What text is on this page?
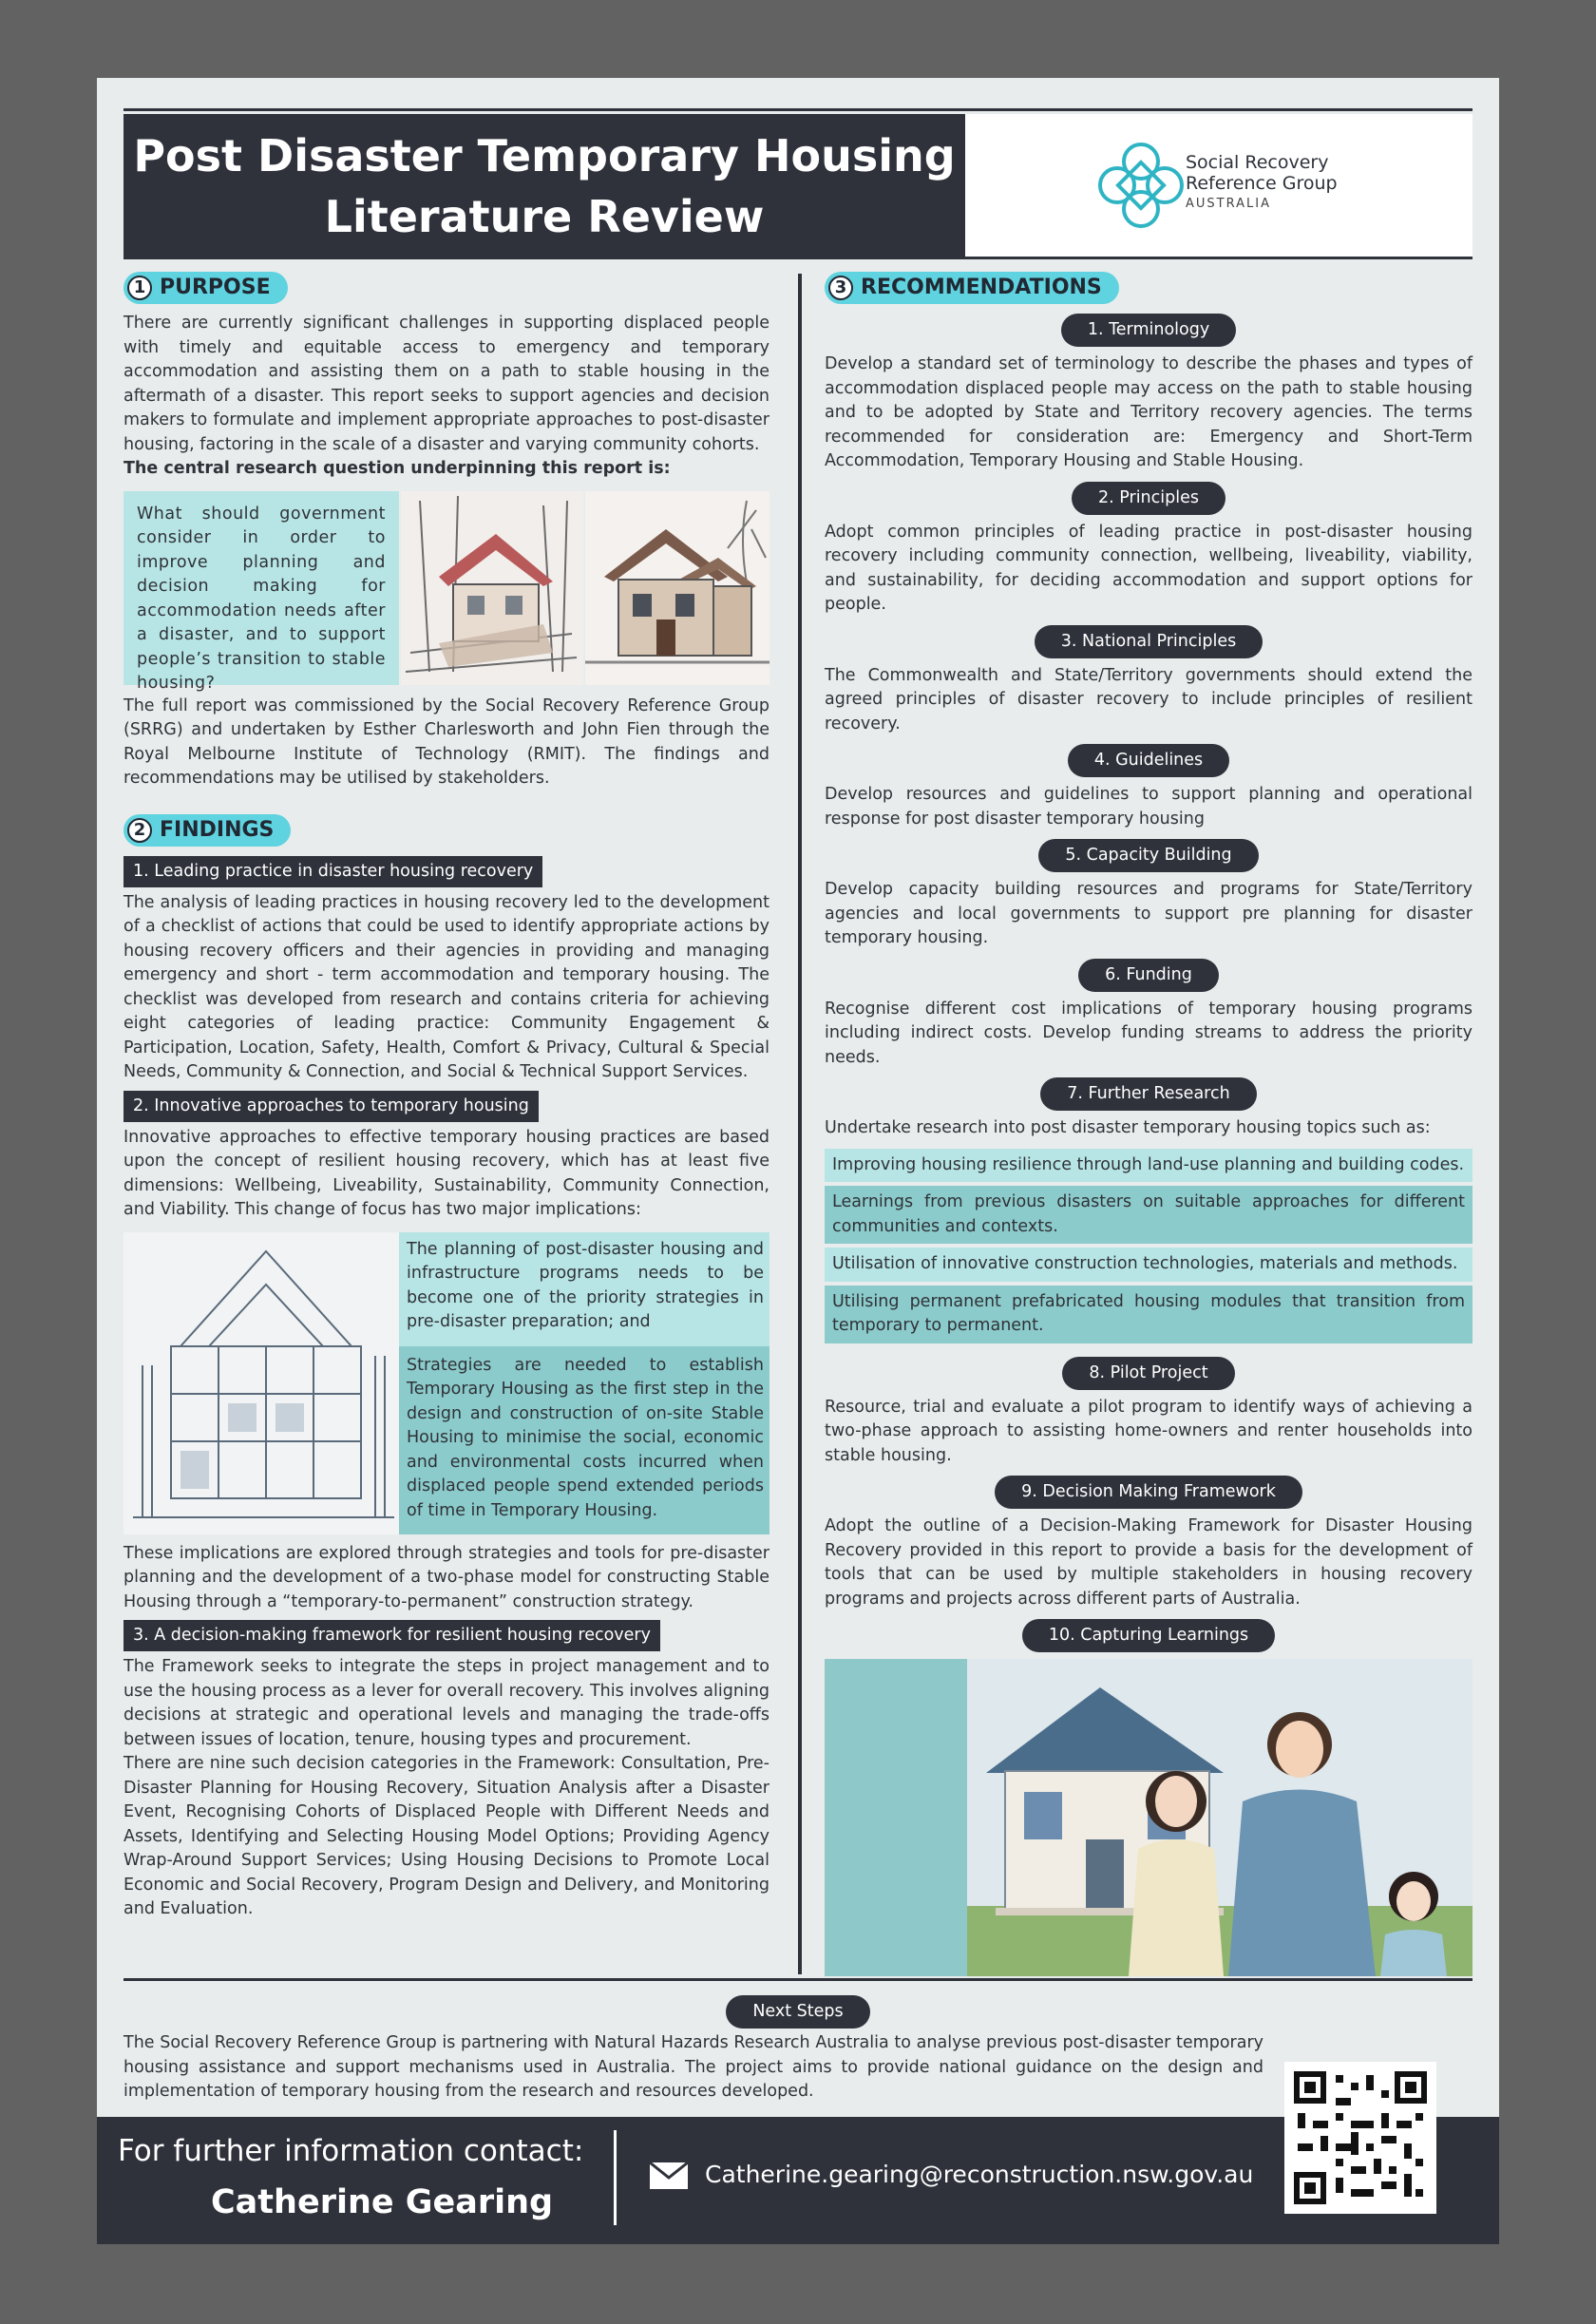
Post Disaster Temporary Housing
Literature Review
Social Recovery
Reference Group
AUSTRALIA
1 PURPOSE

There are currently significant challenges in supporting displaced people with timely and equitable access to emergency and temporary accommodation and assisting them on a path to stable housing in the aftermath of a disaster. This report seeks to support agencies and decision makers to formulate and implement appropriate approaches to post-disaster housing, factoring in the scale of a disaster and varying community cohorts.

The central research question underpinning this report is:

What should government consider in order to improve planning and decision making for accommodation needs after a disaster, and to support people’s transition to stable housing?

The full report was commissioned by the Social Recovery Reference Group (SRRG) and undertaken by Esther Charlesworth and John Fien through the Royal Melbourne Institute of Technology (RMIT). The findings and recommendations may be utilised by stakeholders.

2 FINDINGS
1. Leading practice in disaster housing recovery

The analysis of leading practices in housing recovery led to the development of a checklist of actions that could be used to identify appropriate actions by housing recovery officers and their agencies in providing and managing emergency and short - term accommodation and temporary housing. The checklist was developed from research and contains criteria for achieving eight categories of leading practice: Community Engagement & Participation, Location, Safety, Health, Comfort & Privacy, Cultural & Special Needs, Community & Connection, and Social & Technical Support Services.

2. Innovative approaches to temporary housing

Innovative approaches to effective temporary housing practices are based upon the concept of resilient housing recovery, which has at least five dimensions: Wellbeing, Liveability, Sustainability, Community Connection, and Viability. This change of focus has two major implications:

The planning of post-disaster housing and infrastructure programs needs to be become one of the priority strategies in pre-disaster preparation; and
Strategies are needed to establish Temporary Housing as the first step in the design and construction of on-site Stable Housing to minimise the social, economic and environmental costs incurred when displaced people spend extended periods of time in Temporary Housing.

These implications are explored through strategies and tools for pre-disaster planning and the development of a two-phase model for constructing Stable Housing through a “temporary-to-permanent” construction strategy.

3. A decision-making framework for resilient housing recovery

The Framework seeks to integrate the steps in project management and to use the housing process as a lever for overall recovery. This involves aligning decisions at strategic and operational levels and managing the trade-offs between issues of location, tenure, housing types and procurement.

There are nine such decision categories in the Framework: Consultation, Pre-Disaster Planning for Housing Recovery, Situation Analysis after a Disaster Event, Recognising Cohorts of Displaced People with Different Needs and Assets, Identifying and Selecting Housing Model Options; Providing Agency Wrap-Around Support Services; Using Housing Decisions to Promote Local Economic and Social Recovery, Program Design and Delivery, and Monitoring and Evaluation.

3 RECOMMENDATIONS
1. Terminology

Develop a standard set of terminology to describe the phases and types of accommodation displaced people may access on the path to stable housing and to be adopted by State and Territory recovery agencies. The terms recommended for consideration are: Emergency and Short-Term Accommodation, Temporary Housing and Stable Housing.

2. Principles

Adopt common principles of leading practice in post-disaster housing recovery including community connection, wellbeing, liveability, viability, and sustainability, for deciding accommodation and support options for people.

3. National Principles

The Commonwealth and State/Territory governments should extend the agreed principles of disaster recovery to include principles of resilient recovery.

4. Guidelines

Develop resources and guidelines to support planning and operational response for post disaster temporary housing

5. Capacity Building

Develop capacity building resources and programs for State/Territory agencies and local governments to support pre planning for disaster temporary housing.

6. Funding

Recognise different cost implications of temporary housing programs including indirect costs. Develop funding streams to address the priority needs.

7. Further Research

Undertake research into post disaster temporary housing topics such as:

Improving housing resilience through land-use planning and building codes.
Learnings from previous disasters on suitable approaches for different communities and contexts.
Utilisation of innovative construction technologies, materials and methods.
Utilising permanent prefabricated housing modules that transition from temporary to permanent.
8. Pilot Project

Resource, trial and evaluate a pilot program to identify ways of achieving a two-phase approach to assisting home-owners and renter households into stable housing.

9. Decision Making Framework

Adopt the outline of a Decision-Making Framework for Disaster Housing Recovery provided in this report to provide a basis for the development of tools that can be used by multiple stakeholders in housing recovery programs and projects across different parts of Australia.

10. Capturing Learnings

Next Steps

The Social Recovery Reference Group is partnering with Natural Hazards Research Australia to analyse previous post-disaster temporary housing assistance and support mechanisms used in Australia. The project aims to provide national guidance on the design and implementation of temporary housing from the research and resources developed.

For further information contact:
Catherine Gearing
Catherine.gearing@reconstruction.nsw.gov.au
